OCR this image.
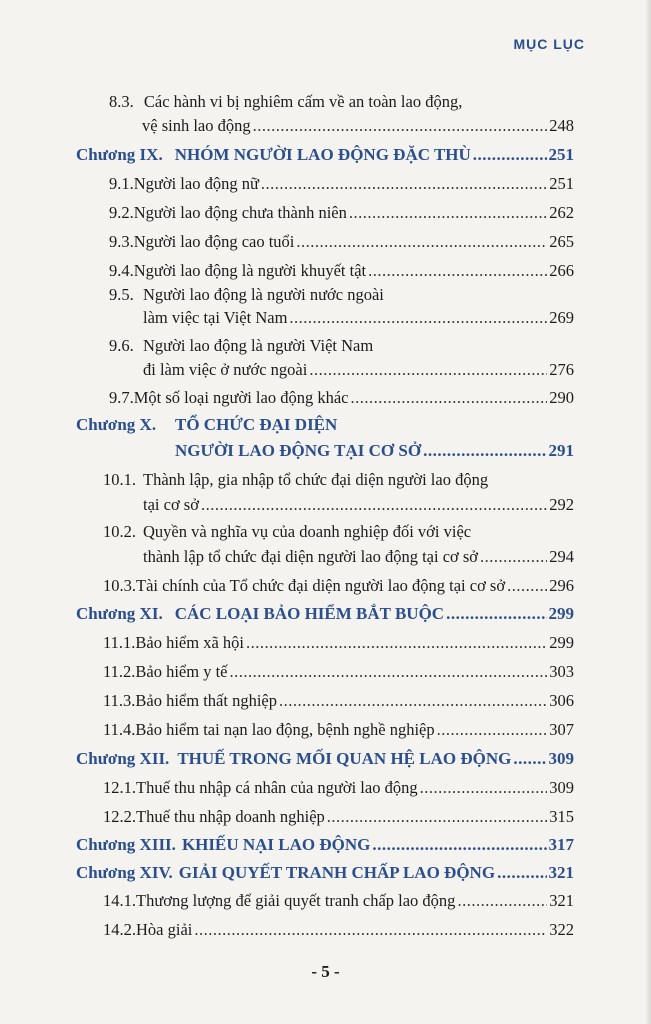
MỤC LỤC
8.3. Các hành vi bị nghiêm cấm về an toàn lao động,
vệ sinh lao động .....	248
Chương IX. NHÓM NGƯỜI LAO ĐỘNG ĐẶC THÙ .....	251
9.1. Người lao động nữ .....	251
9.2. Người lao động chưa thành niên .....	262
9.3. Người lao động cao tuổi .....	265
9.4. Người lao động là người khuyết tật .....	266
9.5. Người lao động là người nước ngoài
làm việc tại Việt Nam .....	269
9.6. Người lao động là người Việt Nam
đi làm việc ở nước ngoài .....	276
9.7. Một số loại người lao động khác .....	290
Chương X. TỔ CHỨC ĐẠI DIỆN
NGƯỜI LAO ĐỘNG TẠI CƠ SỞ .....	291
10.1. Thành lập, gia nhập tổ chức đại diện người lao động
tại cơ sở .....	292
10.2. Quyền và nghĩa vụ của doanh nghiệp đối với việc
thành lập tổ chức đại diện người lao động tại cơ sở .....	294
10.3. Tài chính của Tổ chức đại diện người lao động tại cơ sở .....	296
Chương XI. CÁC LOẠI BẢO HIỂM BẮT BUỘC .....	299
11.1. Bảo hiểm xã hội .....	299
11.2. Bảo hiểm y tế .....	303
11.3. Bảo hiểm thất nghiệp .....	306
11.4. Bảo hiểm tai nạn lao động, bệnh nghề nghiệp .....	307
Chương XII. THUẾ TRONG MỐI QUAN HỆ LAO ĐỘNG ..... 309
12.1. Thuế thu nhập cá nhân của người lao động .....	309
12.2. Thuế thu nhập doanh nghiệp .....	315
Chương XIII. KHIẾU NẠI LAO ĐỘNG .....	317
Chương XIV. GIẢI QUYẾT TRANH CHẤP LAO ĐỘNG .....	321
14.1. Thương lượng để giải quyết tranh chấp lao động .....	321
14.2. Hòa giải .....	322
- 5 -
